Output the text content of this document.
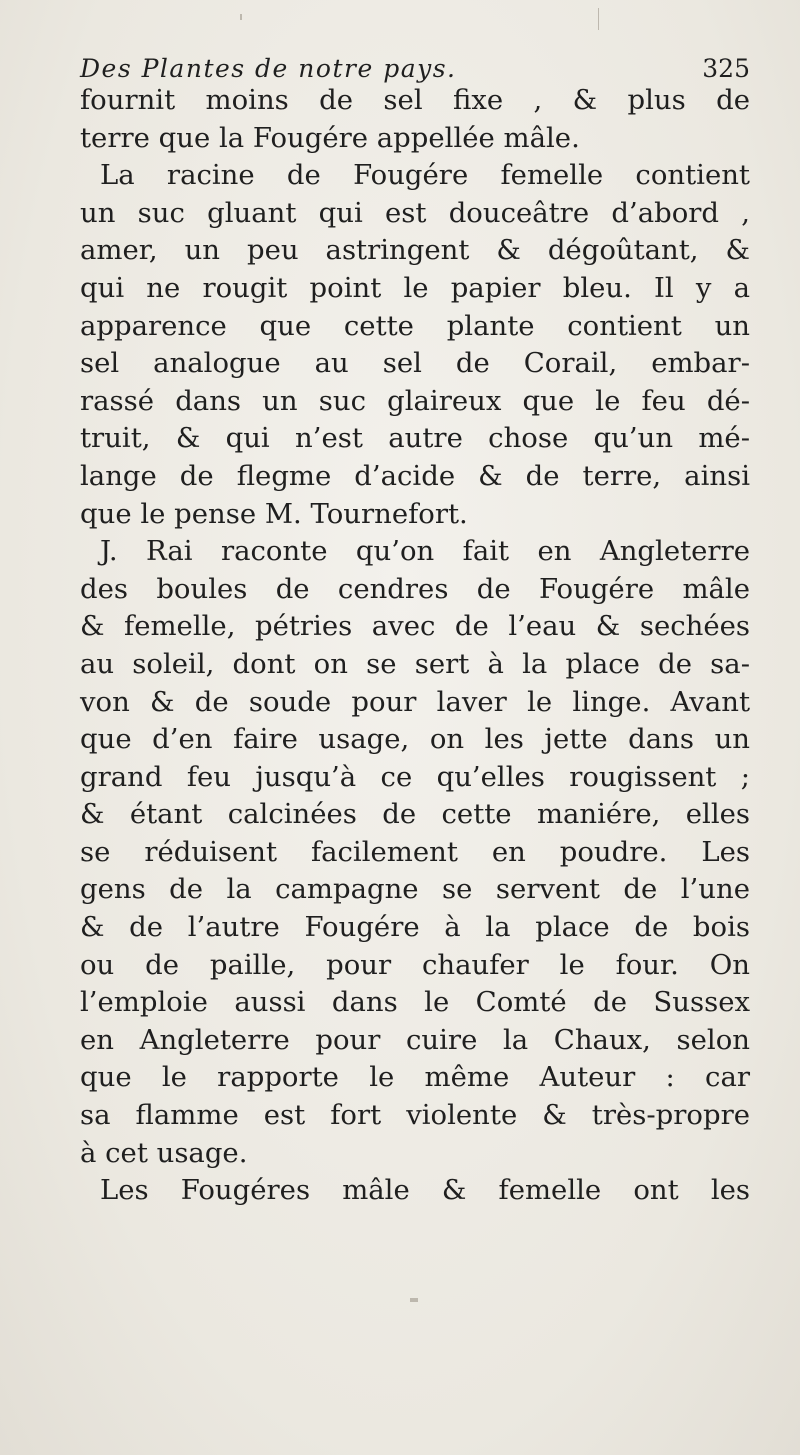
Des Plantes de notre pays.	325
fournit moins de sel fixe , & plus de
terre que la Fougére appellée mâle.
La racine de Fougére femelle contient
un suc gluant qui est douceâtre d’abord ,
amer, un peu astringent & dégoûtant, &
qui ne rougit point le papier bleu. Il y a
apparence que cette plante contient un
sel analogue au sel de Corail, embar-
rassé dans un suc glaireux que le feu dé-
truit, & qui n’est autre chose qu’un mé-
lange de flegme d’acide & de terre, ainsi
que le pense M. Tournefort.
J. Rai raconte qu’on fait en Angleterre
des boules de cendres de Fougére mâle
& femelle, pétries avec de l’eau & sechées
au soleil, dont on se sert à la place de sa-
von & de soude pour laver le linge. Avant
que d’en faire usage, on les jette dans un
grand feu jusqu’à ce qu’elles rougissent ;
& étant calcinées de cette maniére, elles
se réduisent facilement en poudre. Les
gens de la campagne se servent de l’une
& de l’autre Fougére à la place de bois
ou de paille, pour chaufer le four. On
l’emploie aussi dans le Comté de Sussex
en Angleterre pour cuire la Chaux, selon
que le rapporte le même Auteur : car
sa flamme est fort violente & très-propre
à cet usage.
Les Fougéres mâle & femelle ont les
